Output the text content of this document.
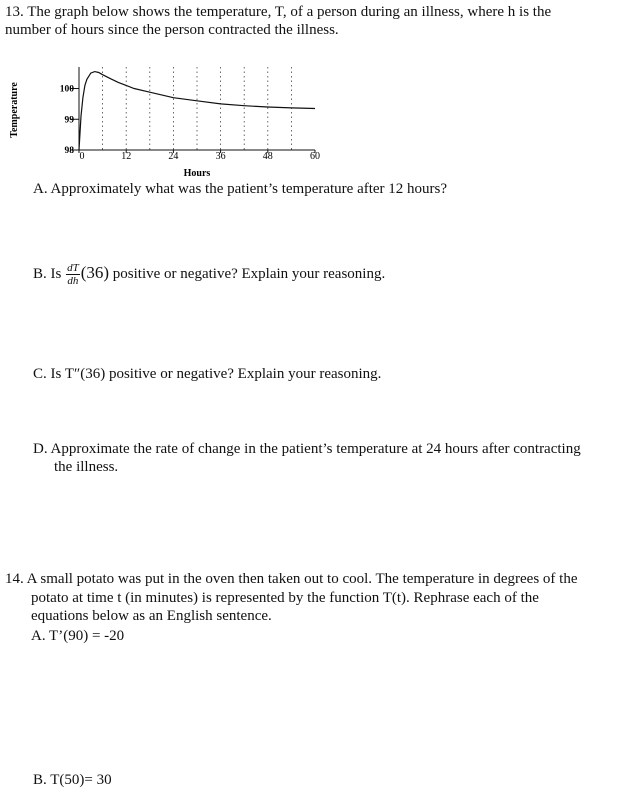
13. The graph below shows the temperature, T, of a person during an illness, where h is the
number of hours since the person contracted the illness.
98
99
100
0	12	24	36	48	60
Hours
Temperature
A. Approximately what was the patient’s temperature after 12 hours?
B. Is $\frac{dT}{dh} (36)$ positive or negative? Explain your reasoning.
C. Is T″(36) positive or negative? Explain your reasoning.
D. Approximate the rate of change in the patient’s temperature at 24 hours after contracting
the illness.
14. A small potato was put in the oven then taken out to cool. The temperature in degrees of the
potato at time t (in minutes) is represented by the function T(t). Rephrase each of the
equations below as an English sentence.
A. T’(90) = -20
B. T(50)= 30
